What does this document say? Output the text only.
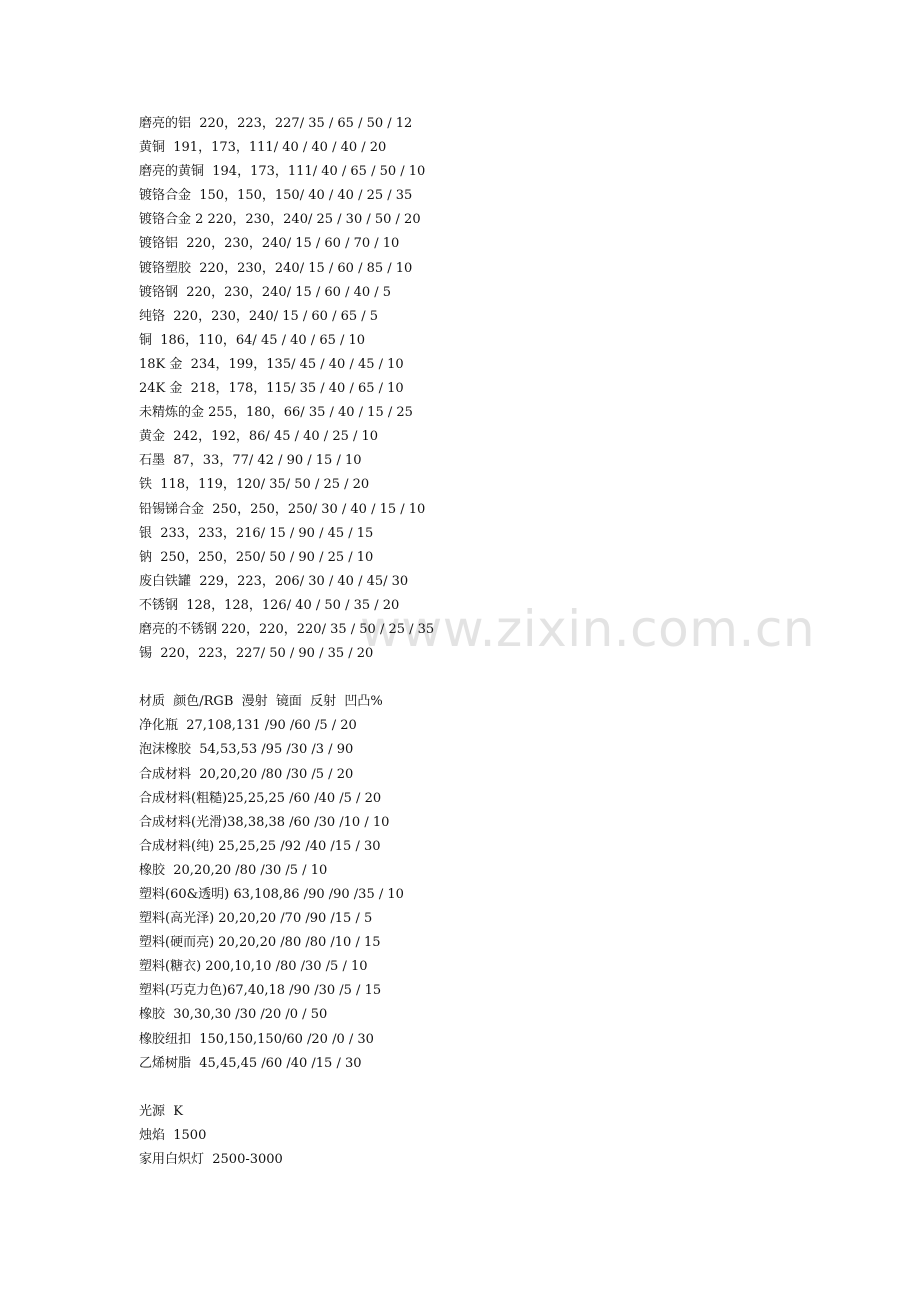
www.zixin.com.cn
磨亮的铝  220，223，227/ 35 / 65 / 50 / 12
黄铜  191，173，111/ 40 / 40 / 40 / 20
磨亮的黄铜  194，173，111/ 40 / 65 / 50 / 10
镀铬合金  150，150，150/ 40 / 40 / 25 / 35
镀铬合金 2 220，230，240/ 25 / 30 / 50 / 20
镀铬铝  220，230，240/ 15 / 60 / 70 / 10
镀铬塑胶  220，230，240/ 15 / 60 / 85 / 10
镀铬钢  220，230，240/ 15 / 60 / 40 / 5
纯铬  220，230，240/ 15 / 60 / 65 / 5
铜  186，110，64/ 45 / 40 / 65 / 10
18K 金  234，199，135/ 45 / 40 / 45 / 10
24K 金  218，178，115/ 35 / 40 / 65 / 10
未精炼的金 255，180，66/ 35 / 40 / 15 / 25
黄金  242，192，86/ 45 / 40 / 25 / 10
石墨  87，33，77/ 42 / 90 / 15 / 10
铁  118，119，120/ 35/ 50 / 25 / 20
铅锡锑合金  250，250，250/ 30 / 40 / 15 / 10
银  233，233，216/ 15 / 90 / 45 / 15
钠  250，250，250/ 50 / 90 / 25 / 10
废白铁罐  229，223，206/ 30 / 40 / 45/ 30
不锈钢  128，128，126/ 40 / 50 / 35 / 20
磨亮的不锈钢 220，220，220/ 35 / 50 / 25 / 35
锡  220，223，227/ 50 / 90 / 35 / 20
材质  颜色/RGB  漫射  镜面  反射  凹凸%
净化瓶  27,108,131 /90 /60 /5 / 20
泡沫橡胶  54,53,53 /95 /30 /3 / 90
合成材料  20,20,20 /80 /30 /5 / 20
合成材料(粗糙)25,25,25 /60 /40 /5 / 20
合成材料(光滑)38,38,38 /60 /30 /10 / 10
合成材料(纯) 25,25,25 /92 /40 /15 / 30
橡胶  20,20,20 /80 /30 /5 / 10
塑料(60&透明) 63,108,86 /90 /90 /35 / 10
塑料(高光泽) 20,20,20 /70 /90 /15 / 5
塑料(硬而亮) 20,20,20 /80 /80 /10 / 15
塑料(糖衣) 200,10,10 /80 /30 /5 / 10
塑料(巧克力色)67,40,18 /90 /30 /5 / 15
橡胶  30,30,30 /30 /20 /0 / 50
橡胶纽扣  150,150,150/60 /20 /0 / 30
乙烯树脂  45,45,45 /60 /40 /15 / 30
光源  K
烛焰  1500
家用白炽灯  2500-3000
